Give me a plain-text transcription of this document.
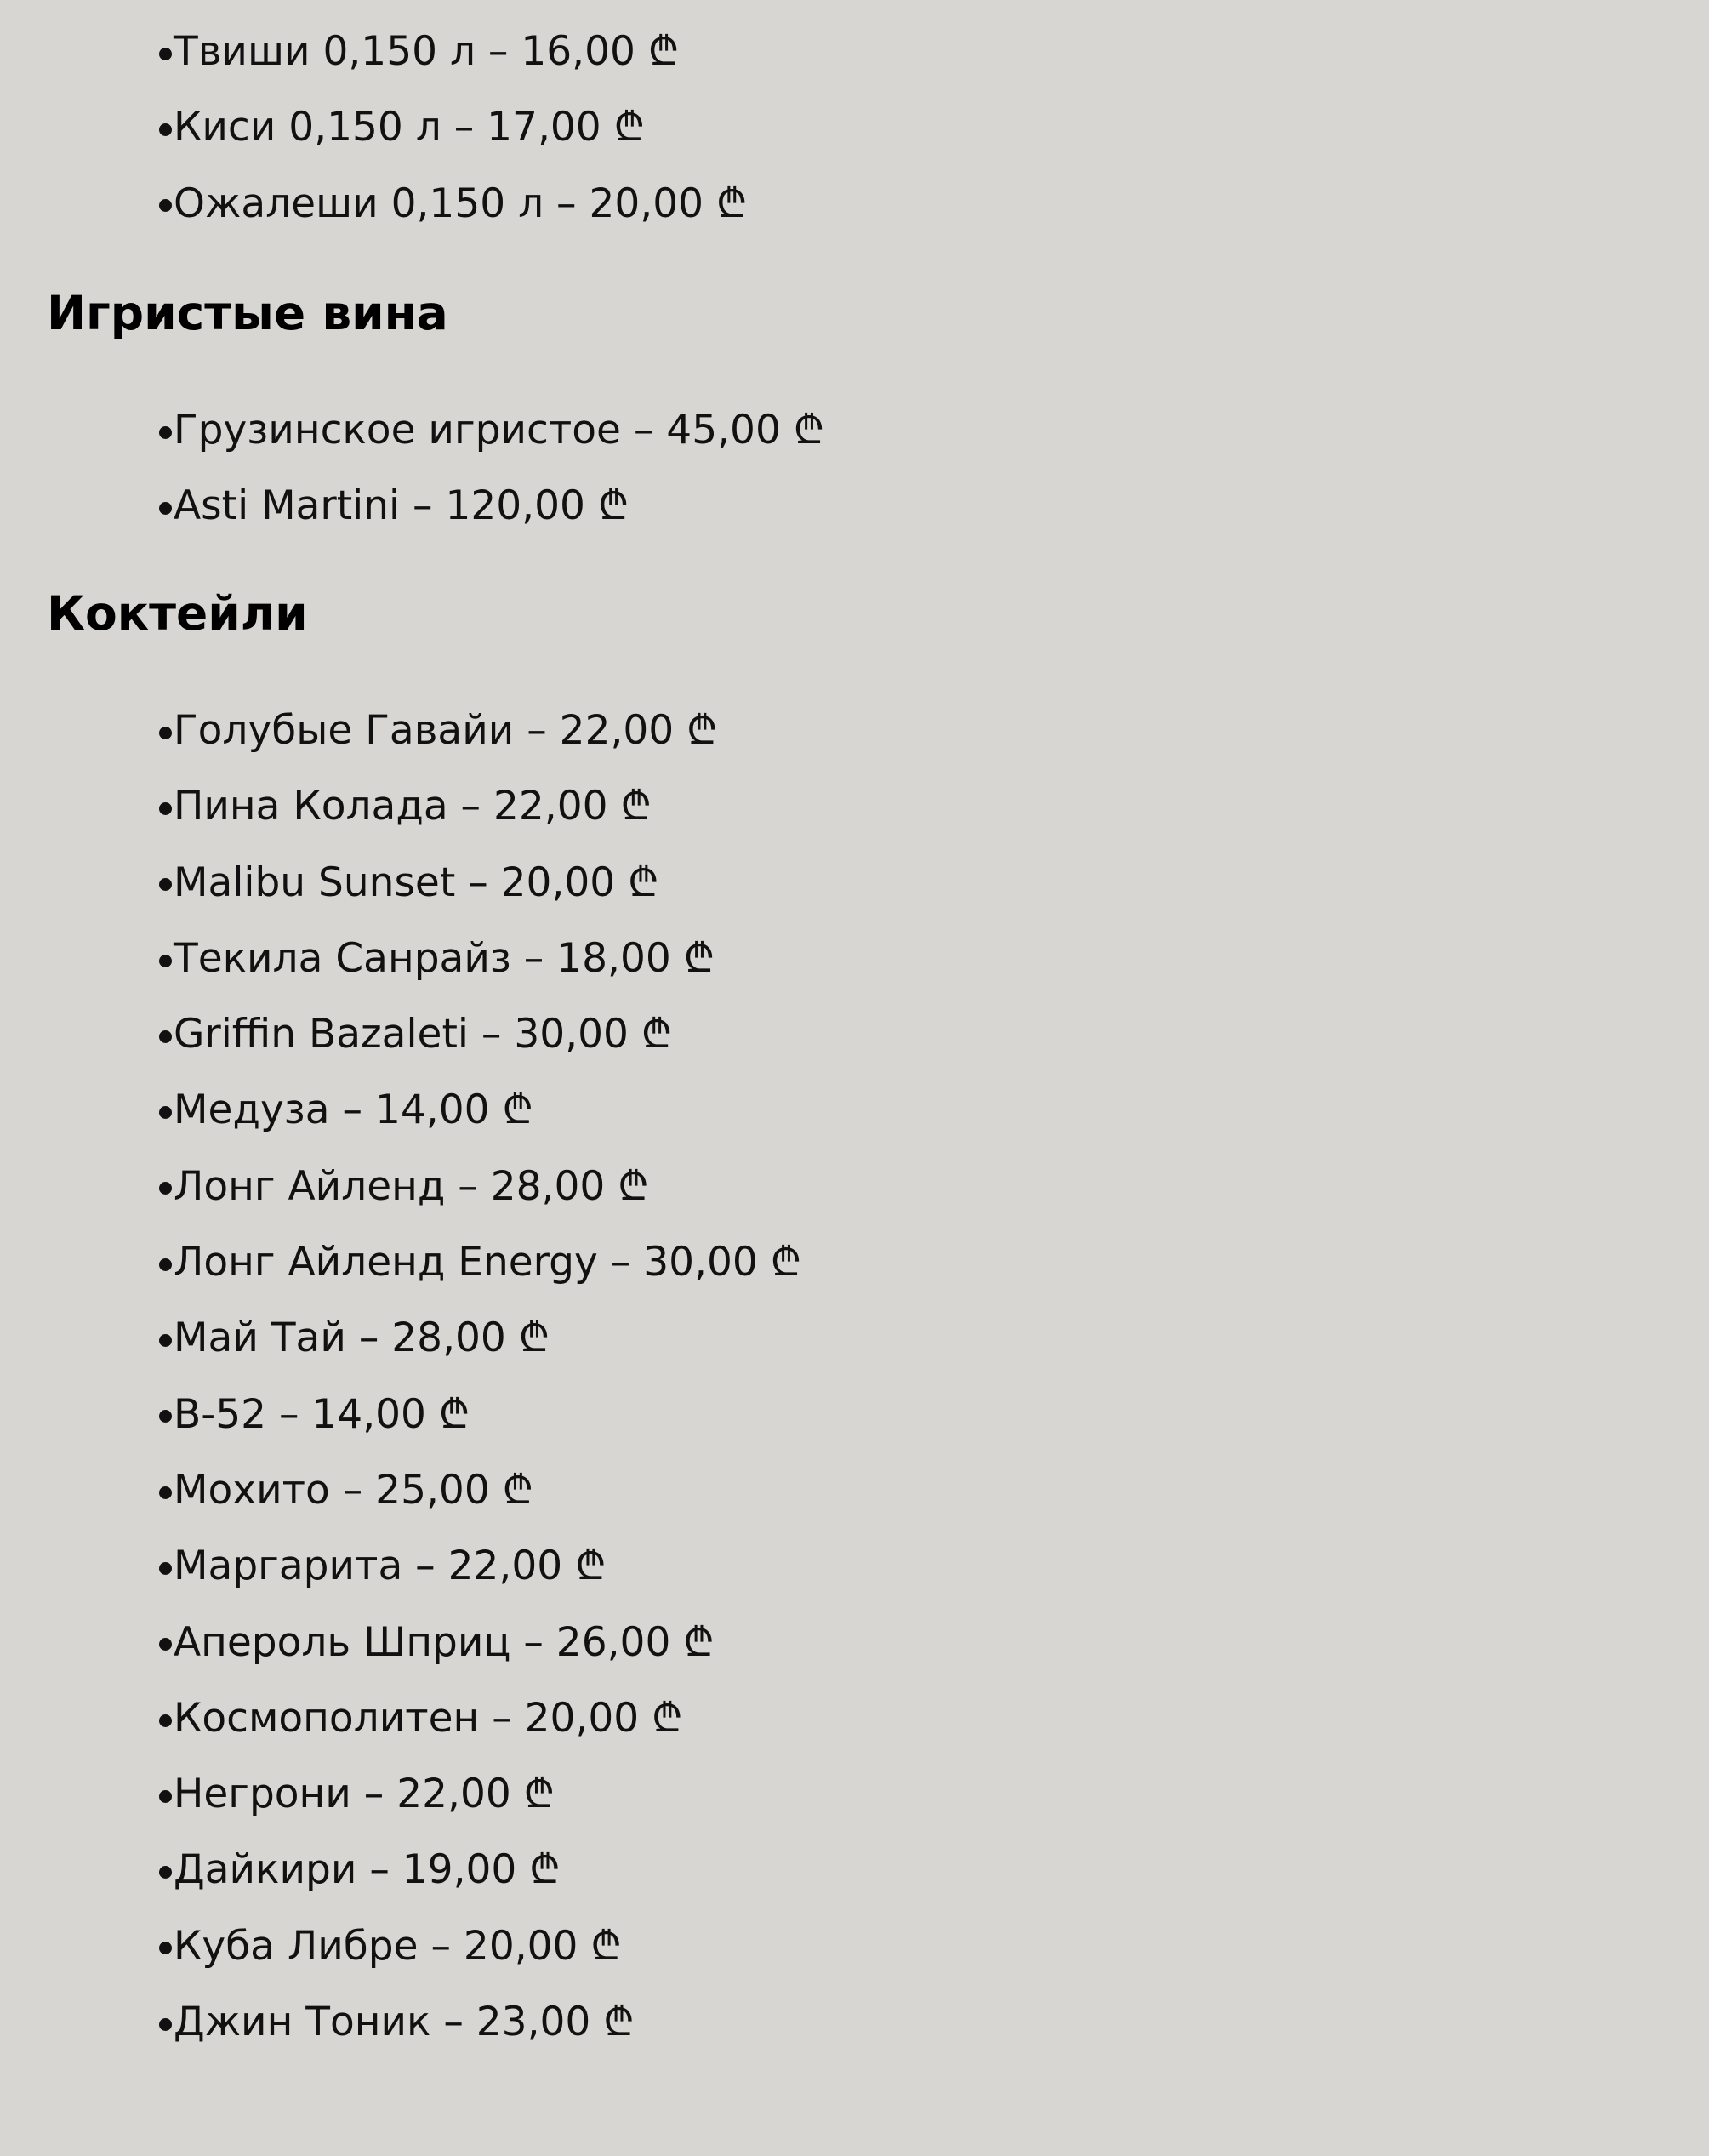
Твиши 0,150 л – 16,00 ₾
Киси 0,150 л – 17,00 ₾
Ожалеши 0,150 л – 20,00 ₾
Игристые вина
Грузинское игристое – 45,00 ₾
Asti Martini – 120,00 ₾
Коктейли
Голубые Гавайи – 22,00 ₾
Пина Колада – 22,00 ₾
Malibu Sunset – 20,00 ₾
Текила Санрайз – 18,00 ₾
Griffin Bazaleti – 30,00 ₾
Медуза – 14,00 ₾
Лонг Айленд – 28,00 ₾
Лонг Айленд Energy – 30,00 ₾
Май Тай – 28,00 ₾
B-52 – 14,00 ₾
Мохито – 25,00 ₾
Маргарита – 22,00 ₾
Апероль Шприц – 26,00 ₾
Космополитен – 20,00 ₾
Негрони – 22,00 ₾
Дайкири – 19,00 ₾
Куба Либре – 20,00 ₾
Джин Тоник – 23,00 ₾
